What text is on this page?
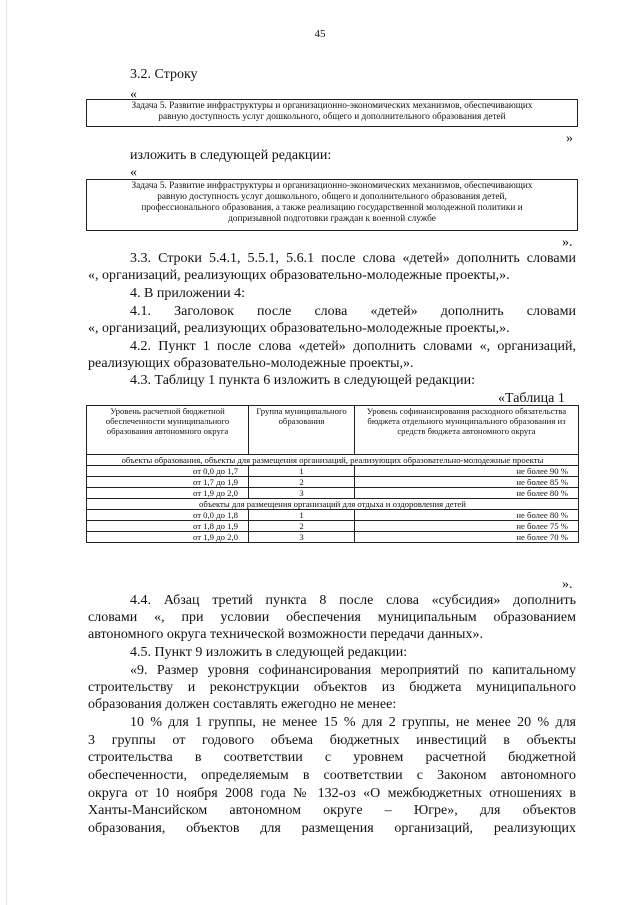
45
3.2. Строку
«
Задача 5. Развитие инфраструктуры и организационно-экономических механизмов, обеспечивающих
равную доступность услуг дошкольного, общего и дополнительного образования детей
»
изложить в следующей редакции:
«
Задача 5. Развитие инфраструктуры и организационно-экономических механизмов, обеспечивающих
равную доступность услуг дошкольного, общего и дополнительного образования детей,
профессионального образования, а также реализацию государственной молодежной политики и
допризывной подготовки граждан к военной службе
».
3.3. Строки 5.4.1, 5.5.1, 5.6.1 после слова «детей» дополнить словами
«, организаций, реализующих образовательно-молодежные проекты,».
4. В приложении 4:
4.1.  Заголовок  после  слова  «детей»  дополнить  словами
«, организаций, реализующих образовательно-молодежные проекты,».
4.2. Пункт 1 после слова «детей» дополнить словами «, организаций,
реализующих образовательно-молодежные проекты,».
4.3. Таблицу 1 пункта 6 изложить в следующей редакции:
«Таблица 1
Уровень расчетной бюджетной обеспеченности муниципального образования автономного округа	Группа муниципального образования	Уровень софинансирования расходного обязательства бюджета отдельного муниципального образования из средств бюджета автономного округа
объекты образования, объекты для размещения организаций, реализующих образовательно-молодежные проекты		
от 0,0 до 1,7	1	не более 90 %
от 1,7 до 1,9	2	не более 85 %
от 1,9 до 2,0	3	не более 80 %
объекты для размещения организаций для отдыха и оздоровления детей		
от 0,0 до 1,8	1	не более 80 %
от 1,8 до 1,9	2	не более 75 %
от 1,9 до 2,0	3	не более 70 %
».
4.4. Абзац третий пункта 8 после слова «субсидия» дополнить
словами «, при условии обеспечения муниципальным образованием
автономного округа технической возможности передачи данных».
4.5. Пункт 9 изложить в следующей редакции:
«9. Размер уровня софинансирования мероприятий по капитальному
строительству и реконструкции объектов из бюджета муниципального
образования должен составлять ежегодно не менее:
10 % для 1 группы, не менее 15 % для 2 группы, не менее 20 % для
3 группы от годового объема бюджетных инвестиций в объекты
строительства в соответствии с уровнем расчетной бюджетной
обеспеченности, определяемым в соответствии с Законом автономного
округа от 10 ноября 2008 года № 132-оз «О межбюджетных отношениях в
Ханты-Мансийском автономном округе – Югре», для объектов
образования, объектов для размещения организаций, реализующих
